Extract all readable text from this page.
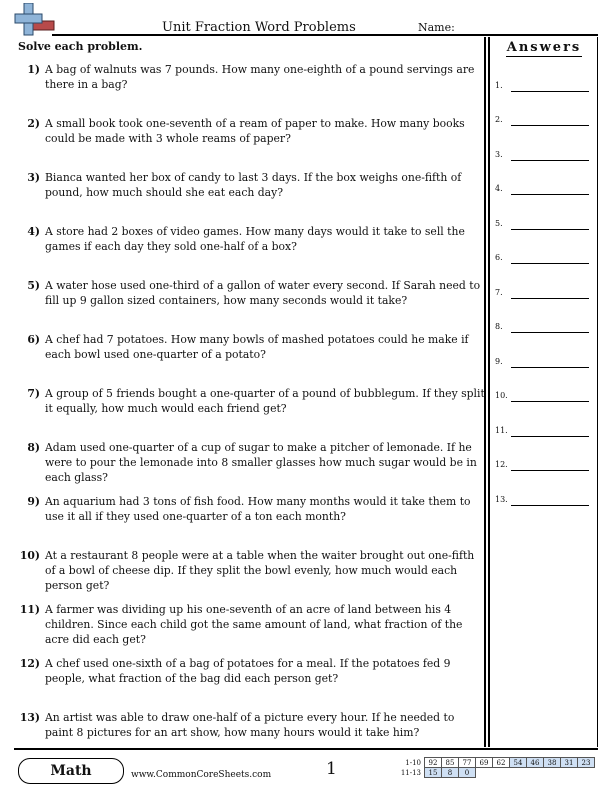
Unit Fraction Word Problems	Name:
Solve each problem.
1) A bag of walnuts was 7 pounds. How many one-eighth of a pound servings are there in a bag?
2) A small book took one-seventh of a ream of paper to make. How many books could be made with 3 whole reams of paper?
3) Bianca wanted her box of candy to last 3 days. If the box weighs one-fifth of pound, how much should she eat each day?
4) A store had 2 boxes of video games. How many days would it take to sell the games if each day they sold one-half of a box?
5) A water hose used one-third of a gallon of water every second. If Sarah need to fill up 9 gallon sized containers, how many seconds would it take?
6) A chef had 7 potatoes. How many bowls of mashed potatoes could he make if each bowl used one-quarter of a potato?
7) A group of 5 friends bought a one-quarter of a pound of bubblegum. If they split it equally, how much would each friend get?
8) Adam used one-quarter of a cup of sugar to make a pitcher of lemonade. If he were to pour the lemonade into 8 smaller glasses how much sugar would be in each glass?
9) An aquarium had 3 tons of fish food. How many months would it take them to use it all if they used one-quarter of a ton each month?
10) At a restaurant 8 people were at a table when the waiter brought out one-fifth of a bowl of cheese dip. If they split the bowl evenly, how much would each person get?
11) A farmer was dividing up his one-seventh of an acre of land between his 4 children. Since each child got the same amount of land, what fraction of the acre did each get?
12) A chef used one-sixth of a bag of potatoes for a meal. If the potatoes fed 9 people, what fraction of the bag did each person get?
13) An artist was able to draw one-half of a picture every hour. If he needed to paint 8 pictures for an art show, how many hours would it take him?
Answers
1.
2.
3.
4.
5.
6.
7.
8.
9.
10.
11.
12.
13.
Math	www.CommonCoreSheets.com	1	1-10	92	85	77	69	62	54	46	38	31	23
11-13	15	8	0							
